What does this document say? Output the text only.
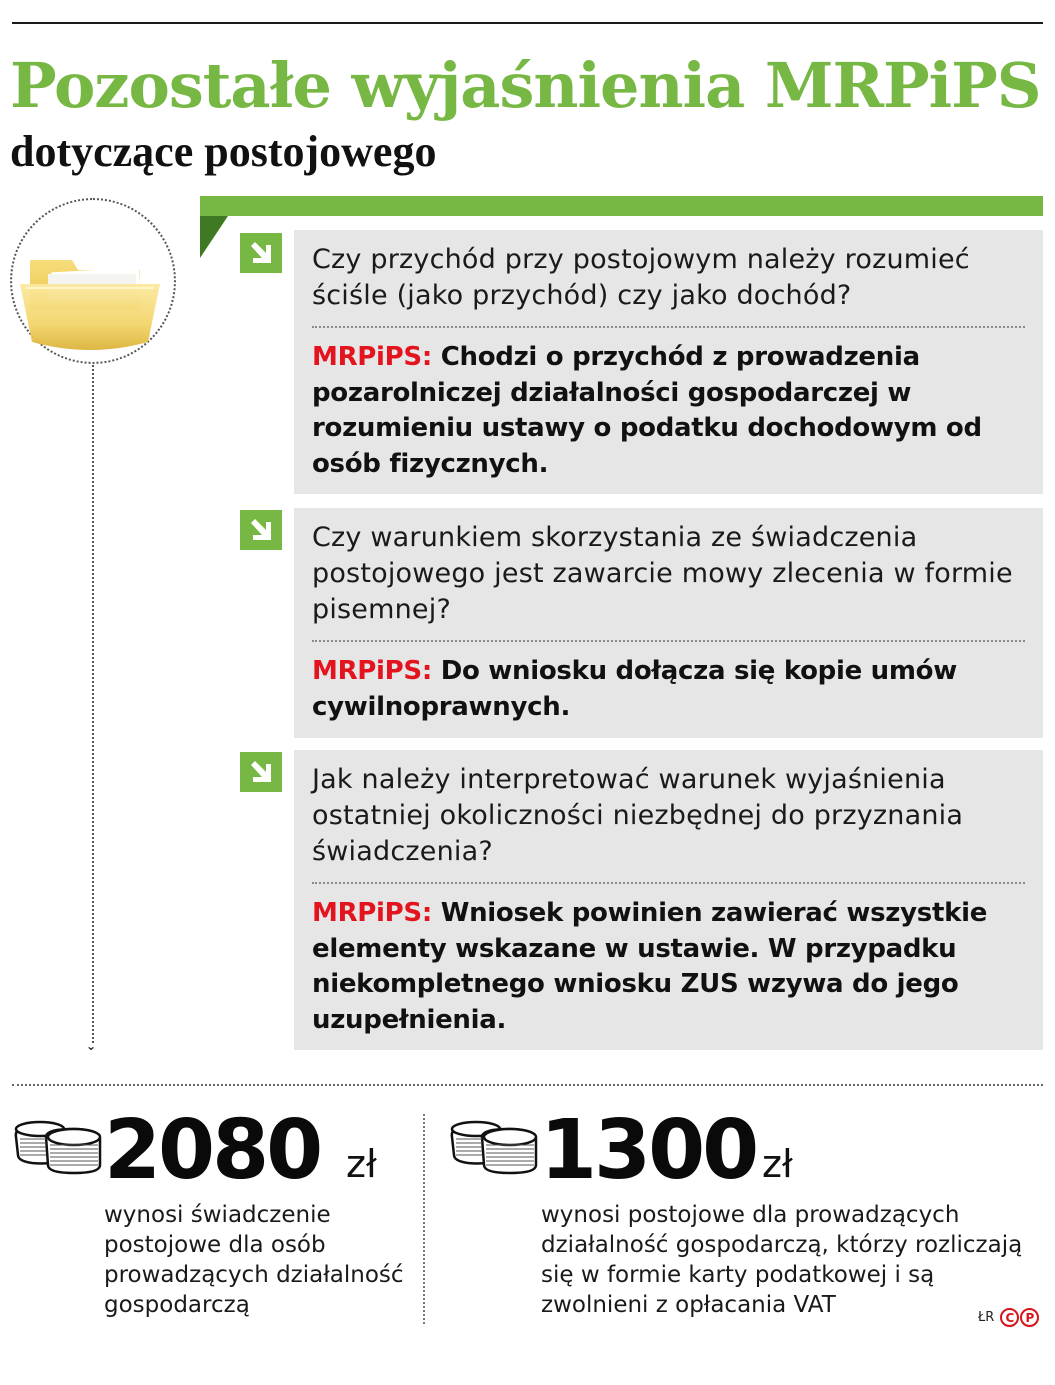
Pozostałe wyjaśnienia MRPiPS
dotyczące postojowego
⌄

Czy przychód przy postojowym należy rozumieć ściśle (jako przychód) czy jako dochód?

MRPiPS: Chodzi o przychód z prowadzenia pozarolniczej działalności gospodarczej w rozumieniu ustawy o podatku dochodowym od osób fizycznych.

Czy warunkiem skorzystania ze świadczenia postojowego jest zawarcie mowy zlecenia w formie pisemnej?

MRPiPS: Do wniosku dołącza się kopie umów cywilnoprawnych.

Jak należy interpretować warunek wyjaśnienia ostatniej okoliczności niezbędnej do przyznania świadczenia?

MRPiPS: Wniosek powinien zawierać wszystkie elementy wskazane w ustawie. W przypadku niekompletnego wniosku ZUS wzywa do jego uzupełnienia.

2080 zł

wynosi świadczenie postojowe dla osób prowadzących działalność gospodarczą

1300 zł

wynosi postojowe dla prowadzących działalność gospodarczą, którzy rozliczają się w formie karty podatkowej i są zwolnieni z opłacania VAT	ŁR C P
